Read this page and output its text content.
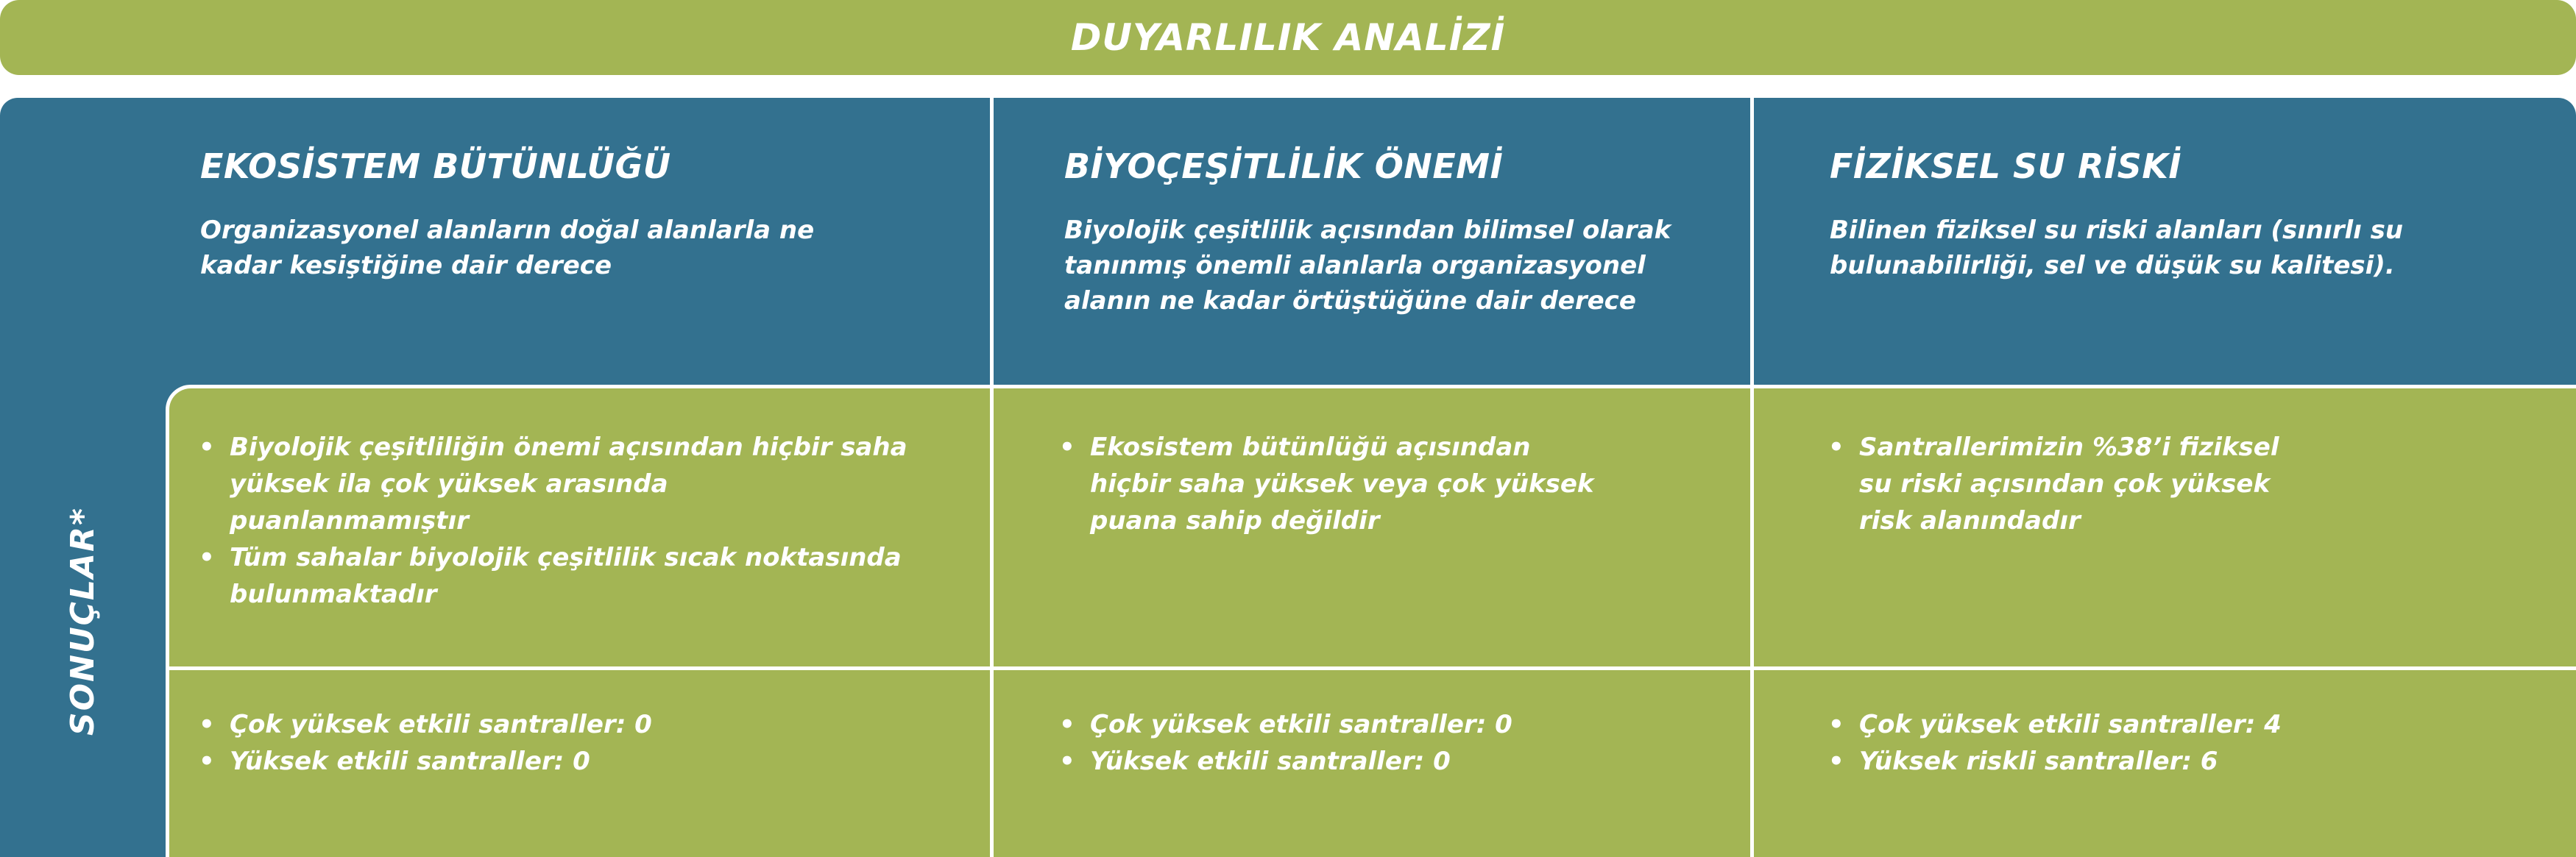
DUYARLILIK ANALİZİ
SONUÇLAR*

EKOSİSTEM BÜTÜNLÜĞÜ

Organizasyonel alanların doğal alanlarla ne
kadar kesiştiğine dair derece

BİYOÇEŞİTLİLİK ÖNEMİ

Biyolojik çeşitlilik açısından bilimsel olarak
tanınmış önemli alanlarla organizasyonel
alanın ne kadar örtüştüğüne dair derece

FİZİKSEL SU RİSKİ

Bilinen fiziksel su riski alanları (sınırlı su
bulunabilirliği, sel ve düşük su kalitesi).

• Biyolojik çeşitliliğin önemi açısından hiçbir saha
yüksek ila çok yüksek arasında
puanlanmamıştır
• Tüm sahalar biyolojik çeşitlilik sıcak noktasında
bulunmaktadır
• Ekosistem bütünlüğü açısından
hiçbir saha yüksek veya çok yüksek
puana sahip değildir
• Santrallerimizin %38’i fiziksel
su riski açısından çok yüksek
risk alanındadır
• Çok yüksek etkili santraller: 0
• Yüksek etkili santraller: 0
• Çok yüksek etkili santraller: 0
• Yüksek etkili santraller: 0
• Çok yüksek etkili santraller: 4
• Yüksek riskli santraller: 6
